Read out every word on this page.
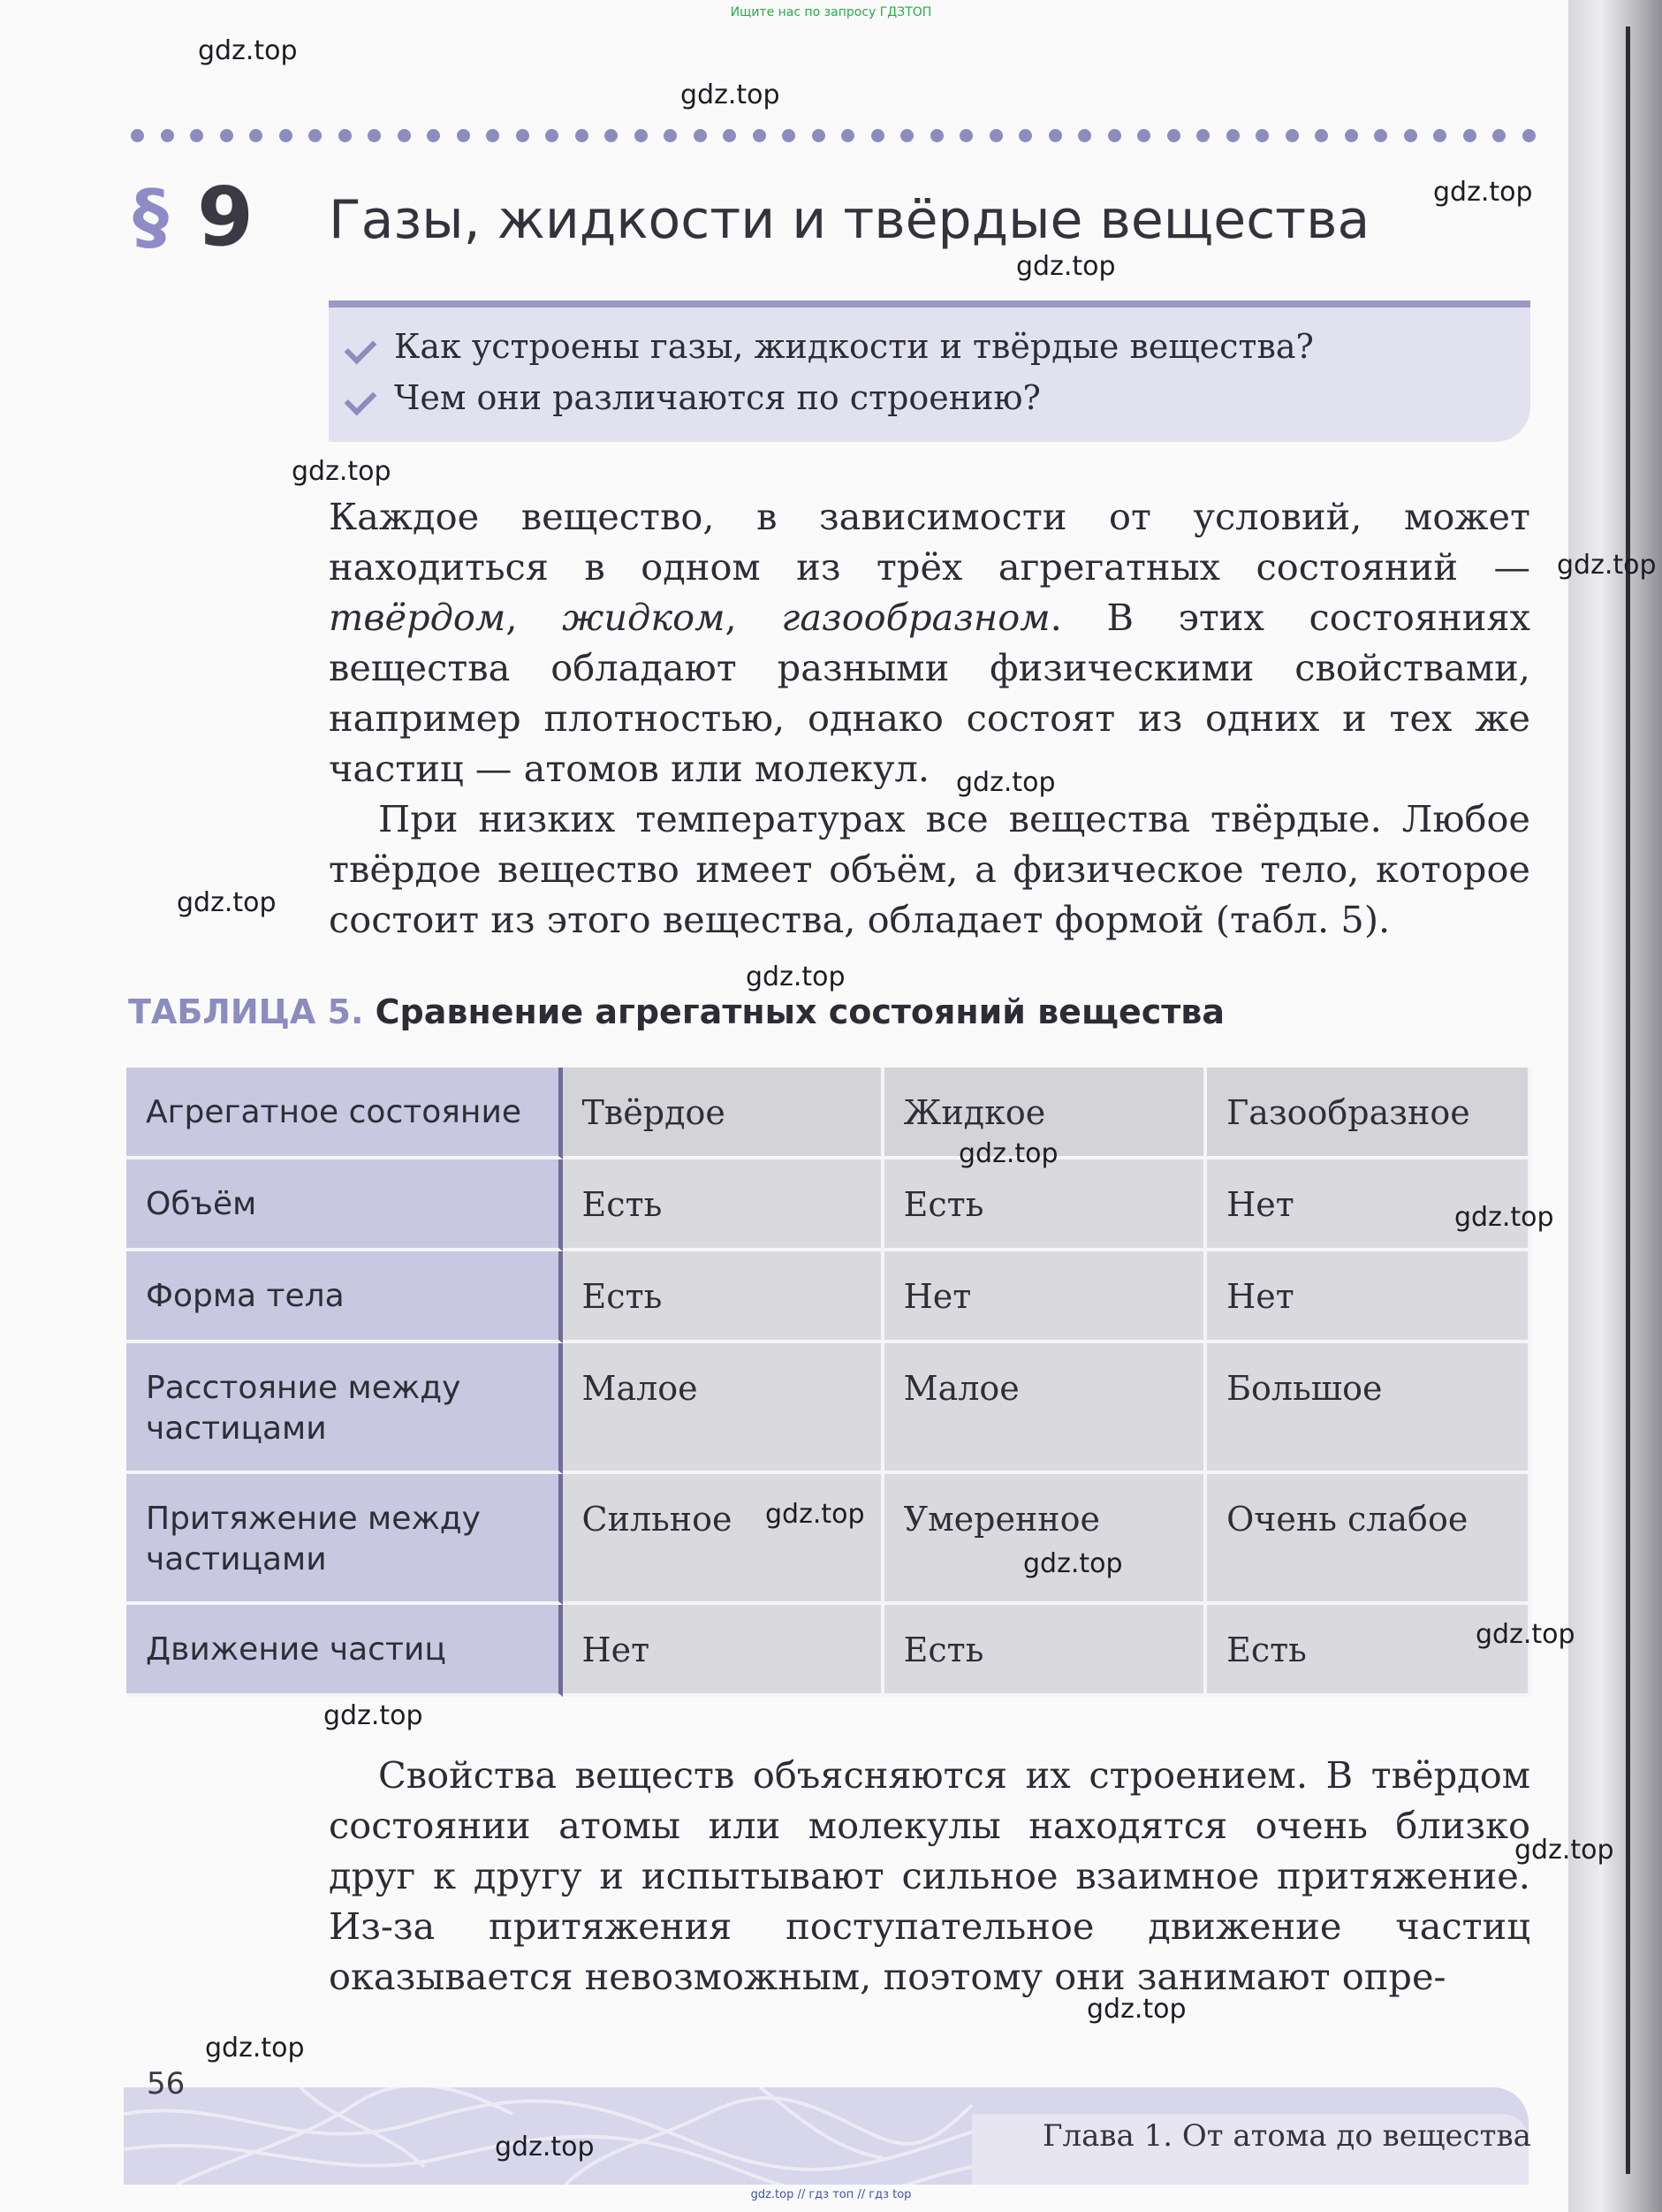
Ищите нас по запросу ГДЗТОП
gdz.top
gdz.top
gdz.top
gdz.top
gdz.top
gdz.top
gdz.top
gdz.top
gdz.top
§ 9 Газы, жидкости и твёрдые вещества
Как устроены газы, жидкости и твёрдые вещества?
Чем они различаются по строению?

Каждое вещество, в зависимости от условий, может находиться в одном из трёх агрегатных состояний — твёрдом, жидком, газообразном. В этих состояниях вещества обладают разными физическими свойствами, например плотностью, однако состоят из одних и тех же частиц — атомов или молекул.

При низких температурах все вещества твёрдые. Любое твёрдое вещество имеет объём, а физическое тело, которое состоит из этого вещества, обладает формой (табл. 5).

ТАБЛИЦА 5. Сравнение агрегатных состояний вещества
Агрегатное состояние	Твёрдое	Жидкое	Газообразное
Объём	Есть	Есть	Нет
Форма тела	Есть	Нет	Нет
Расстояние между частицами	Малое	Малое	Большое
Притяжение между частицами	Сильное	Умеренное	Очень слабое
Движение частиц	Нет	Есть	Есть
gdz.top
gdz.top
gdz.top
gdz.top
gdz.top
gdz.top

Свойства веществ объясняются их строением. В твёрдом состоянии атомы или молекулы находятся очень близко друг к другу и испытывают сильное взаимное притяжение. Из-за притяжения поступательное движение частиц оказывается невозможным, поэтому они занимают опре-

gdz.top
gdz.top
gdz.top
56
Глава 1. От атома до вещества
gdz.top
gdz.top // гдз топ // гдз top
